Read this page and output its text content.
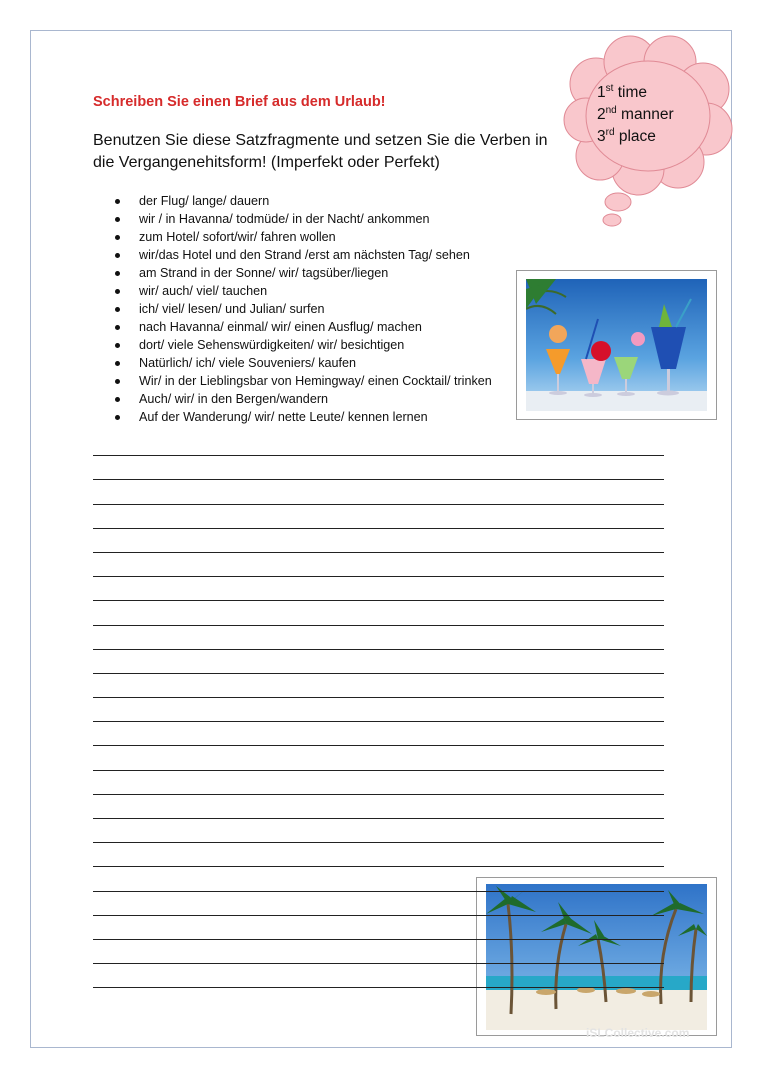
Schreiben Sie einen Brief aus dem Urlaub!

Benutzen Sie diese Satzfragmente und setzen Sie die Verben in die Vergangenehitsform! (Imperfekt oder Perfekt)

der Flug/ lange/ dauern
wir / in Havanna/ todmüde/ in der Nacht/ ankommen
zum Hotel/ sofort/wir/ fahren wollen
wir/das Hotel und den Strand /erst am nächsten Tag/ sehen
am Strand in der Sonne/ wir/ tagsüber/liegen
wir/ auch/ viel/ tauchen
ich/ viel/ lesen/ und Julian/ surfen
nach Havanna/ einmal/ wir/ einen Ausflug/ machen
dort/ viele Sehenswürdigkeiten/ wir/ besichtigen
Natürlich/ ich/ viele Souveniers/ kaufen
Wir/ in der Lieblingsbar von Hemingway/ einen Cocktail/ trinken
Auch/ wir/ in den Bergen/wandern
Auf der Wanderung/ wir/ nette Leute/ kennen lernen
1st time
2nd manner
3rd place
iSLCollective.com
